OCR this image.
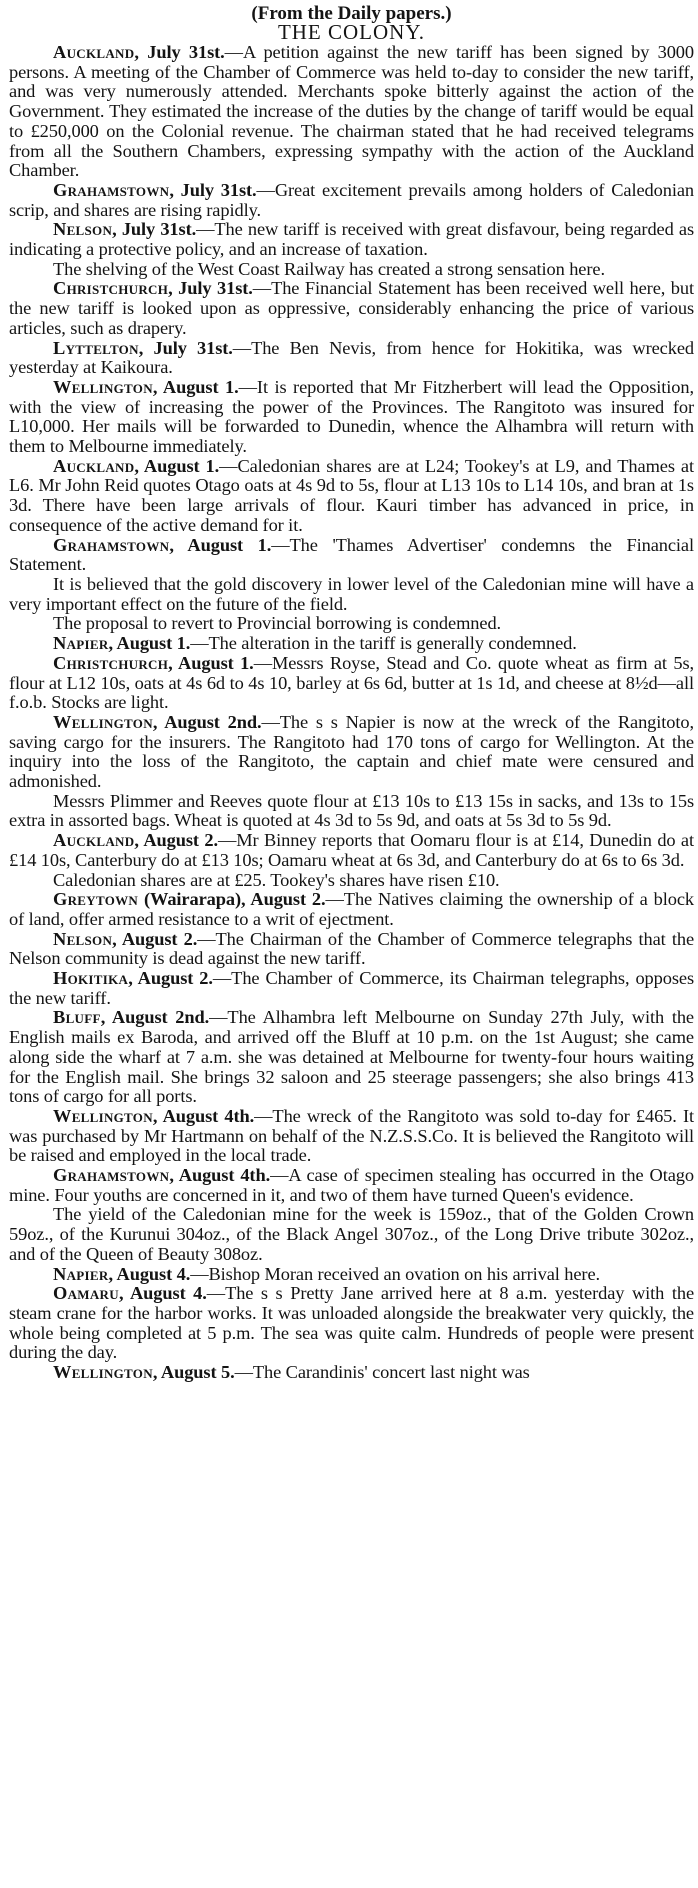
(From the Daily papers.)
THE COLONY.

Auckland, July 31st.—A petition against the new tariff has been signed by 3000 persons. A meeting of the Chamber of Commerce was held to-day to consider the new tariff, and was very numerously attended. Merchants spoke bitterly against the action of the Government. They estimated the increase of the duties by the change of tariff would be equal to £250,000 on the Colonial revenue. The chairman stated that he had received telegrams from all the Southern Chambers, expressing sympathy with the action of the Auckland Chamber.

Grahamstown, July 31st.—Great excitement prevails among holders of Caledonian scrip, and shares are rising rapidly.

Nelson, July 31st.—The new tariff is received with great disfavour, being regarded as indicating a protective policy, and an increase of taxation.

The shelving of the West Coast Railway has created a strong sensation here.

Christchurch, July 31st.—The Financial Statement has been received well here, but the new tariff is looked upon as oppressive, considerably enhancing the price of various articles, such as drapery.

Lyttelton, July 31st.—The Ben Nevis, from hence for Hokitika, was wrecked yesterday at Kaikoura.

Wellington, August 1.—It is reported that Mr Fitzherbert will lead the Opposition, with the view of increasing the power of the Provinces. The Rangitoto was insured for L10,000. Her mails will be forwarded to Dunedin, whence the Alhambra will return with them to Melbourne immediately.

Auckland, August 1.—Caledonian shares are at L24; Tookey's at L9, and Thames at L6. Mr John Reid quotes Otago oats at 4s 9d to 5s, flour at L13 10s to L14 10s, and bran at 1s 3d. There have been large arrivals of flour. Kauri timber has advanced in price, in consequence of the active demand for it.

Grahamstown, August 1.—The 'Thames Advertiser' condemns the Financial Statement.

It is believed that the gold discovery in lower level of the Caledonian mine will have a very important effect on the future of the field.

The proposal to revert to Provincial borrowing is condemned.

Napier, August 1.—The alteration in the tariff is generally condemned.

Christchurch, August 1.—Messrs Royse, Stead and Co. quote wheat as firm at 5s, flour at L12 10s, oats at 4s 6d to 4s 10, barley at 6s 6d, butter at 1s 1d, and cheese at 8½d—all f.o.b. Stocks are light.

Wellington, August 2nd.—The s s Napier is now at the wreck of the Rangitoto, saving cargo for the insurers. The Rangitoto had 170 tons of cargo for Wellington. At the inquiry into the loss of the Rangitoto, the captain and chief mate were censured and admonished.

Messrs Plimmer and Reeves quote flour at £13 10s to £13 15s in sacks, and 13s to 15s extra in assorted bags. Wheat is quoted at 4s 3d to 5s 9d, and oats at 5s 3d to 5s 9d.

Auckland, August 2.—Mr Binney reports that Oomaru flour is at £14, Dunedin do at £14 10s, Canterbury do at £13 10s; Oamaru wheat at 6s 3d, and Canterbury do at 6s to 6s 3d.

Caledonian shares are at £25. Tookey's shares have risen £10.

Greytown (Wairarapa), August 2.—The Natives claiming the ownership of a block of land, offer armed resistance to a writ of ejectment.

Nelson, August 2.—The Chairman of the Chamber of Commerce telegraphs that the Nelson community is dead against the new tariff.

Hokitika, August 2.—The Chamber of Commerce, its Chairman telegraphs, opposes the new tariff.

Bluff, August 2nd.—The Alhambra left Melbourne on Sunday 27th July, with the English mails ex Baroda, and arrived off the Bluff at 10 p.m. on the 1st August; she came along side the wharf at 7 a.m. she was detained at Melbourne for twenty-four hours waiting for the English mail. She brings 32 saloon and 25 steerage passengers; she also brings 413 tons of cargo for all ports.

Wellington, August 4th.—The wreck of the Rangitoto was sold to-day for £465. It was purchased by Mr Hartmann on behalf of the N.Z.S.S.Co. It is believed the Rangitoto will be raised and employed in the local trade.

Grahamstown, August 4th.—A case of specimen stealing has occurred in the Otago mine. Four youths are concerned in it, and two of them have turned Queen's evidence.

The yield of the Caledonian mine for the week is 159oz., that of the Golden Crown 59oz., of the Kurunui 304oz., of the Black Angel 307oz., of the Long Drive tribute 302oz., and of the Queen of Beauty 308oz.

Napier, August 4.—Bishop Moran received an ovation on his arrival here.

Oamaru, August 4.—The s s Pretty Jane arrived here at 8 a.m. yesterday with the steam crane for the harbor works. It was unloaded alongside the breakwater very quickly, the whole being completed at 5 p.m. The sea was quite calm. Hundreds of people were present during the day.

Wellington, August 5.—The Carandinis' concert last night was
